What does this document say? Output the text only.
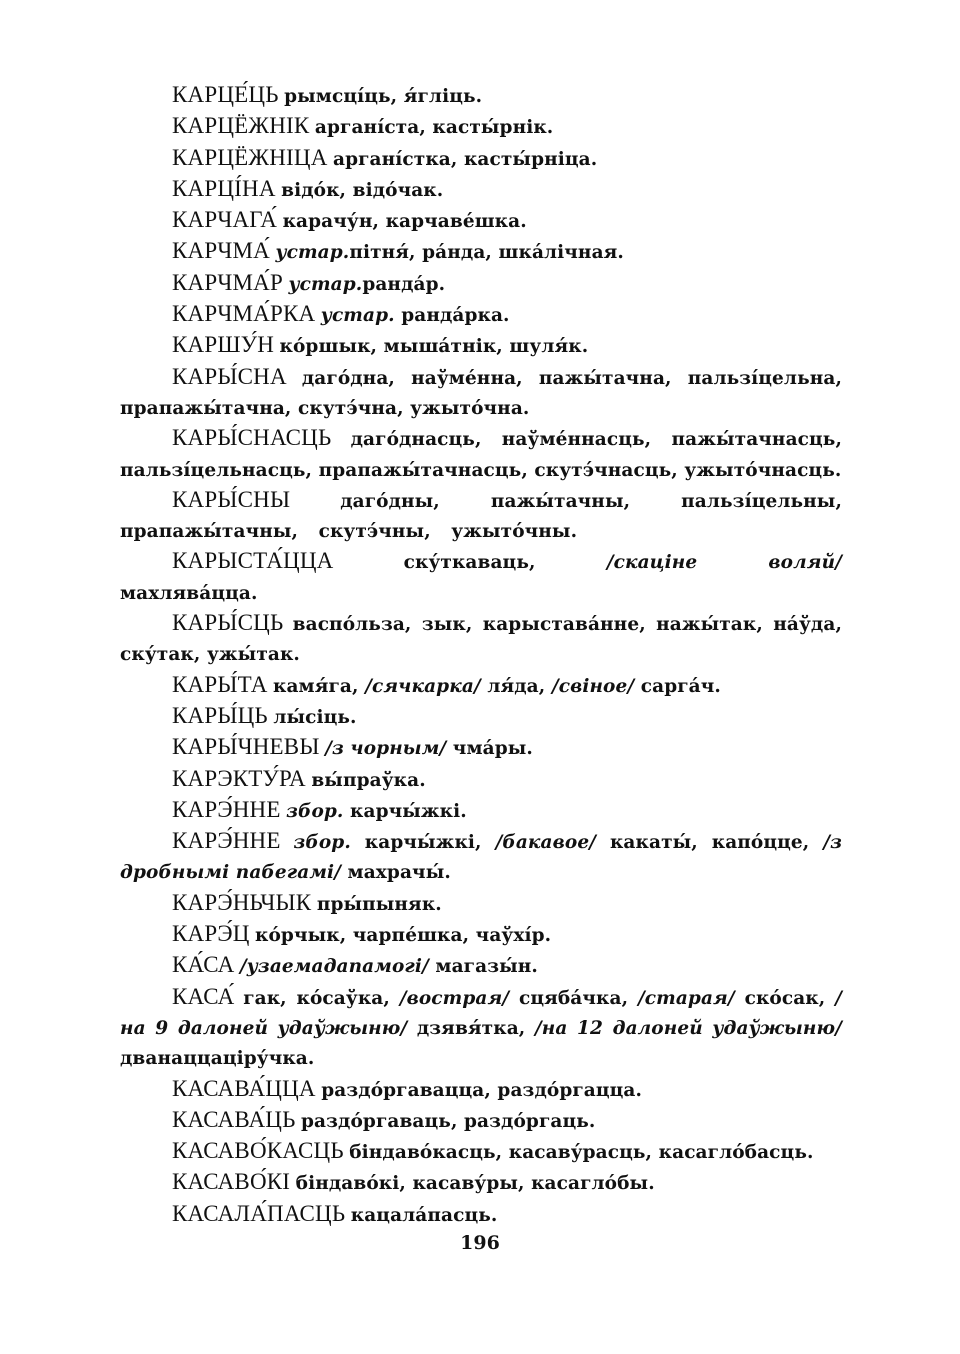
КАРЦЕ́ЦЬ рымсці́ць, я́гліць.

КАРЦЁЖНІК аргані́ста, касты́рнік.

КАРЦЁЖНІЦА аргані́стка, касты́рніца.

КАРЦІ́НА відо́к, відо́чак.

КАРЧАГА́ карачу́н, карчаве́шка.

КАРЧМА́ устар.пітня́, ра́нда, шка́лічная.

КАРЧМА́Р устар.ранда́р.

КАРЧМА́РКА устар. ранда́рка.

КАРШУ́Н ко́ршык, мыша́тнік, шуля́к.

КАРЫ́СНА даго́дна, наўме́нна, пажы́тачна, пальзі́цельна, прапажы́тачна, скутэ́чна, ужыто́чна.

КАРЫ́СНАСЦЬ даго́днасць, наўме́ннасць, пажы́тачнасць, пальзі́цельнасць, прапажы́тачнасць, скутэ́чнасць, ужыто́чнасць.

КАРЫ́СНЫ	даго́дны, пажы́тачны, пальзі́цельны, прапажы́тачны, скутэ́чны, ужыто́чны.

КАРЫСТА́ЦЦА	ску́ткаваць, /скаціне воляй/ махлява́цца.

КАРЫ́СЦЬ васпо́льза, зык, карыстава́нне, нажы́так, на́ўда, ску́так, ужы́так.

КАРЫ́ТА камя́га, /сячкарка/ ля́да, /свіное/ сарга́ч.

КАРЫ́ЦЬ лы́сіць.

КАРЫ́ЧНЕВЫ /з чорным/ чма́ры.

КАРЭКТУ́РА вы́праўка.

КАРЭ́ННЕ збор. карчы́жкі.

КАРЭ́ННЕ збор. карчы́жкі, /бакавое/ какаты́, капо́цце, /з дробнымі пабегамі/ махрачы́.

КАРЭ́НЬЧЫК пры́пыняк.

КАРЭ́Ц ко́рчык, чарпе́шка, чаўхі́р.

КА́СА /узаемадапамогі/ магазы́н.

КАСА́ гак, ко́саўка, /вострая/ сцяба́чка, /старая/ ско́сак, /на 9 далоней удаўжыню/ дзявя́тка, /на 12 далоней удаўжыню/ дванаццаціру́чка.

КАСАВА́ЦЦА раздо́ргавацца, раздо́ргацца.

КАСАВА́ЦЬ раздо́ргаваць, раздо́ргаць.

КАСАВО́КАСЦЬ біндаво́касць, касаву́расць, касагло́басць.

КАСАВО́КІ біндаво́кі, касаву́ры, касагло́бы.

КАСАЛА́ПАСЦЬ кацала́пасць.

196
